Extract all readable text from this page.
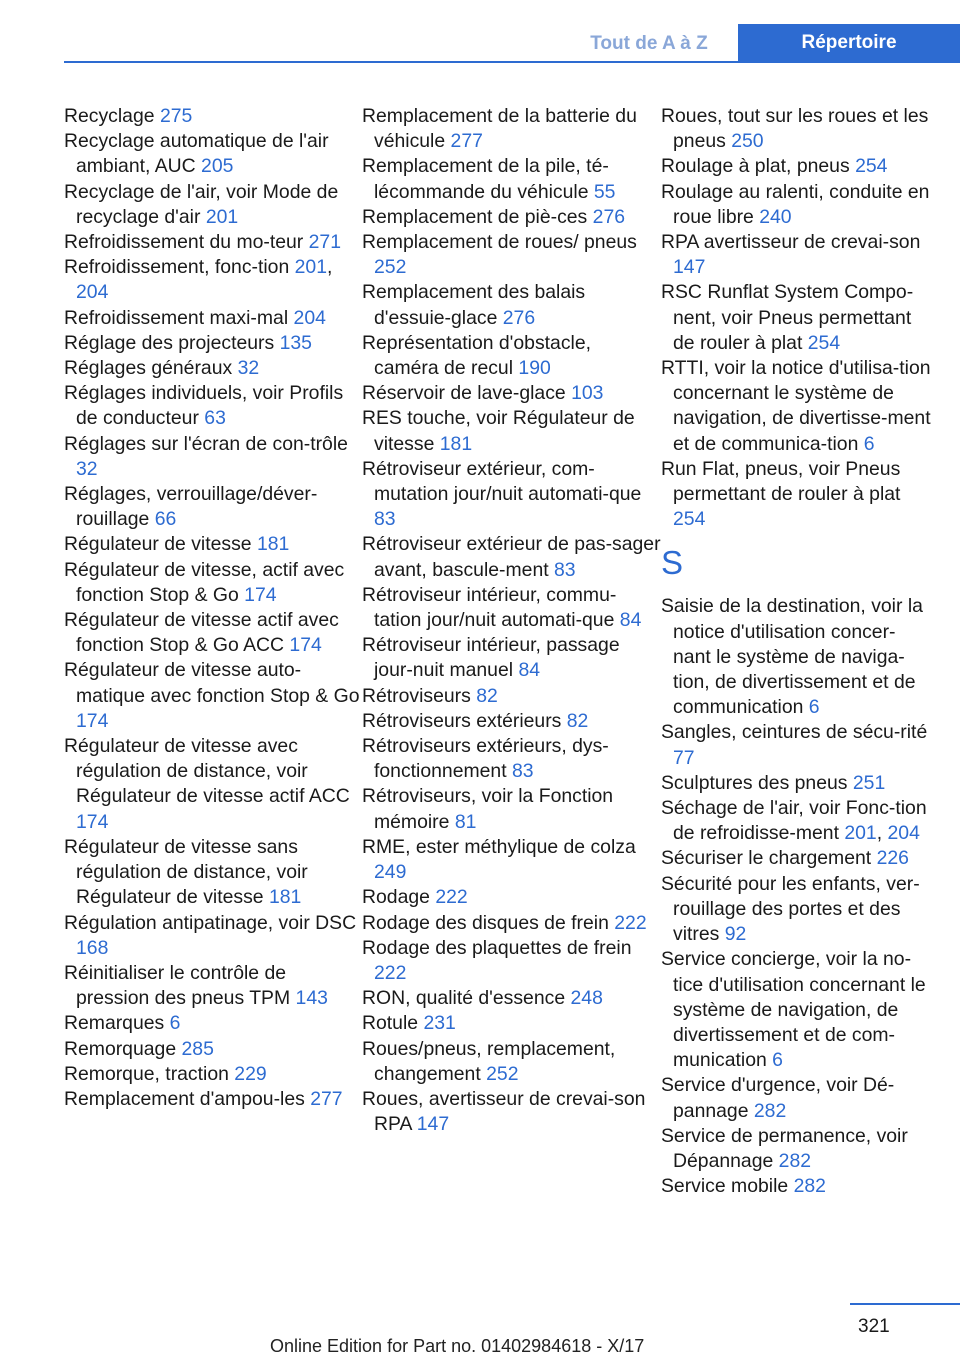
Tout de A à Z	Répertoire
Recyclage 275
Recyclage automatique de l'air ambiant, AUC 205
Recyclage de l'air, voir Mode de recyclage d'air 201
Refroidissement du mo-teur 271
Refroidissement, fonc-tion 201, 204
Refroidissement maxi-mal 204
Réglage des projecteurs 135
Réglages généraux 32
Réglages individuels, voir Profils de conducteur 63
Réglages sur l'écran de con-trôle 32
Réglages, verrouillage/déver-rouillage 66
Régulateur de vitesse 181
Régulateur de vitesse, actif avec fonction Stop & Go 174
Régulateur de vitesse actif avec fonction Stop & Go ACC 174
Régulateur de vitesse auto-matique avec fonction Stop & Go 174
Régulateur de vitesse avec régulation de distance, voir Régulateur de vitesse actif ACC 174
Régulateur de vitesse sans régulation de distance, voir Régulateur de vitesse 181
Régulation antipatinage, voir DSC 168
Réinitialiser le contrôle de pression des pneus TPM 143
Remarques 6
Remorquage 285
Remorque, traction 229
Remplacement d'ampou-les 277
Remplacement de la batterie du véhicule 277
Remplacement de la pile, té-lécommande du véhicule 55
Remplacement de piè-ces 276
Remplacement de roues/ pneus 252
Remplacement des balais d'essuie-glace 276
Représentation d'obstacle, caméra de recul 190
Réservoir de lave-glace 103
RES touche, voir Régulateur de vitesse 181
Rétroviseur extérieur, com-mutation jour/nuit automati-que 83
Rétroviseur extérieur de pas-sager avant, bascule-ment 83
Rétroviseur intérieur, commu-tation jour/nuit automati-que 84
Rétroviseur intérieur, passage jour-nuit manuel 84
Rétroviseurs 82
Rétroviseurs extérieurs 82
Rétroviseurs extérieurs, dys-fonctionnement 83
Rétroviseurs, voir la Fonction mémoire 81
RME, ester méthylique de colza 249
Rodage 222
Rodage des disques de frein 222
Rodage des plaquettes de frein 222
RON, qualité d'essence 248
Rotule 231
Roues/pneus, remplacement, changement 252
Roues, avertisseur de crevai-son RPA 147
Roues, tout sur les roues et les pneus 250
Roulage à plat, pneus 254
Roulage au ralenti, conduite en roue libre 240
RPA avertisseur de crevai-son 147
RSC Runflat System Compo-nent, voir Pneus permettant de rouler à plat 254
RTTI, voir la notice d'utilisa-tion concernant le système de navigation, de divertisse-ment et de communica-tion 6
Run Flat, pneus, voir Pneus permettant de rouler à plat 254
S
Saisie de la destination, voir la notice d'utilisation concer-nant le système de naviga-tion, de divertissement et de communication 6
Sangles, ceintures de sécu-rité 77
Sculptures des pneus 251
Séchage de l'air, voir Fonc-tion de refroidisse-ment 201, 204
Sécuriser le chargement 226
Sécurité pour les enfants, ver-rouillage des portes et des vitres 92
Service concierge, voir la no-tice d'utilisation concernant le système de navigation, de divertissement et de com-munication 6
Service d'urgence, voir Dé-pannage 282
Service de permanence, voir Dépannage 282
Service mobile 282
321
Online Edition for Part no. 01402984618 - X/17
